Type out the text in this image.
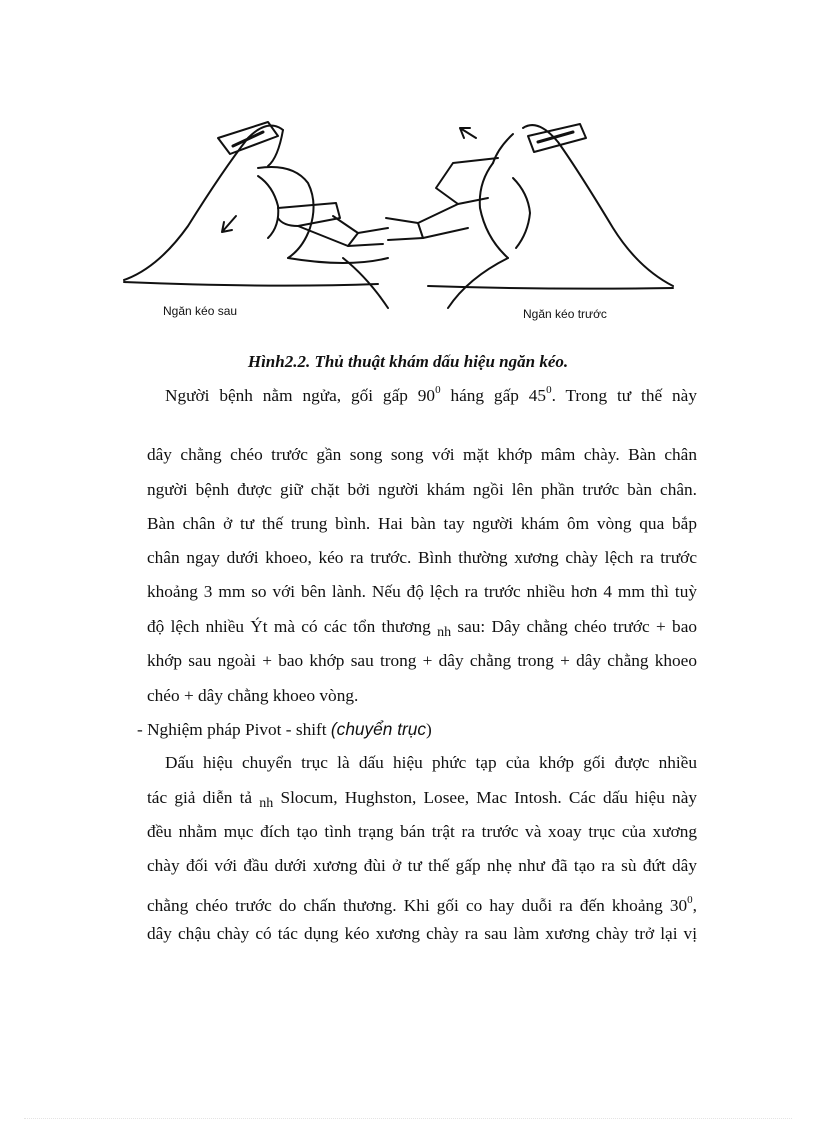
Ngăn kéo sau	Ngăn kéo trước
Hình2.2. Thủ thuật khám dấu hiệu ngăn kéo.
Người bệnh nằm ngửa, gối gấp $90^0$ háng gấp $45^0$. Trong tư thế này
dây chằng chéo trước gần song song với mặt khớp mâm chày. Bàn chân
người bệnh được giữ chặt bởi người khám ngồi lên phần trước bàn chân.
Bàn chân ở tư thế trung bình. Hai bàn tay người khám ôm vòng qua bắp
chân ngay dưới khoeo, kéo ra trước. Bình thường xương chày lệch ra trước
khoảng 3 mm so với bên lành. Nếu độ lệch ra trước nhiều hơn 4 mm thì tuỳ
độ lệch nhiều Ýt mà có các tổn thương $_{nh}$ sau: Dây chằng chéo trước + bao
khớp sau ngoài + bao khớp sau trong + dây chằng trong + dây chằng khoeo
chéo + dây chằng khoeo vòng.
- Nghiệm pháp Pivot - shift (chuyển trục)
Dấu hiệu chuyển trục là dấu hiệu phức tạp của khớp gối được nhiều
tác giả diễn tả $_{nh}$ Slocum, Hughston, Losee, Mac Intosh. Các dấu hiệu này
đều nhằm mục đích tạo tình trạng bán trật ra trước và xoay trục của xương
chày đối với đầu dưới xương đùi ở tư thế gấp nhẹ như đã tạo ra sù đứt dây
chằng chéo trước do chấn thương. Khi gối co hay duỗi ra đến khoảng $30^0$,
dây chậu chày có tác dụng kéo xương chày ra sau làm xương chày trở lại vị
